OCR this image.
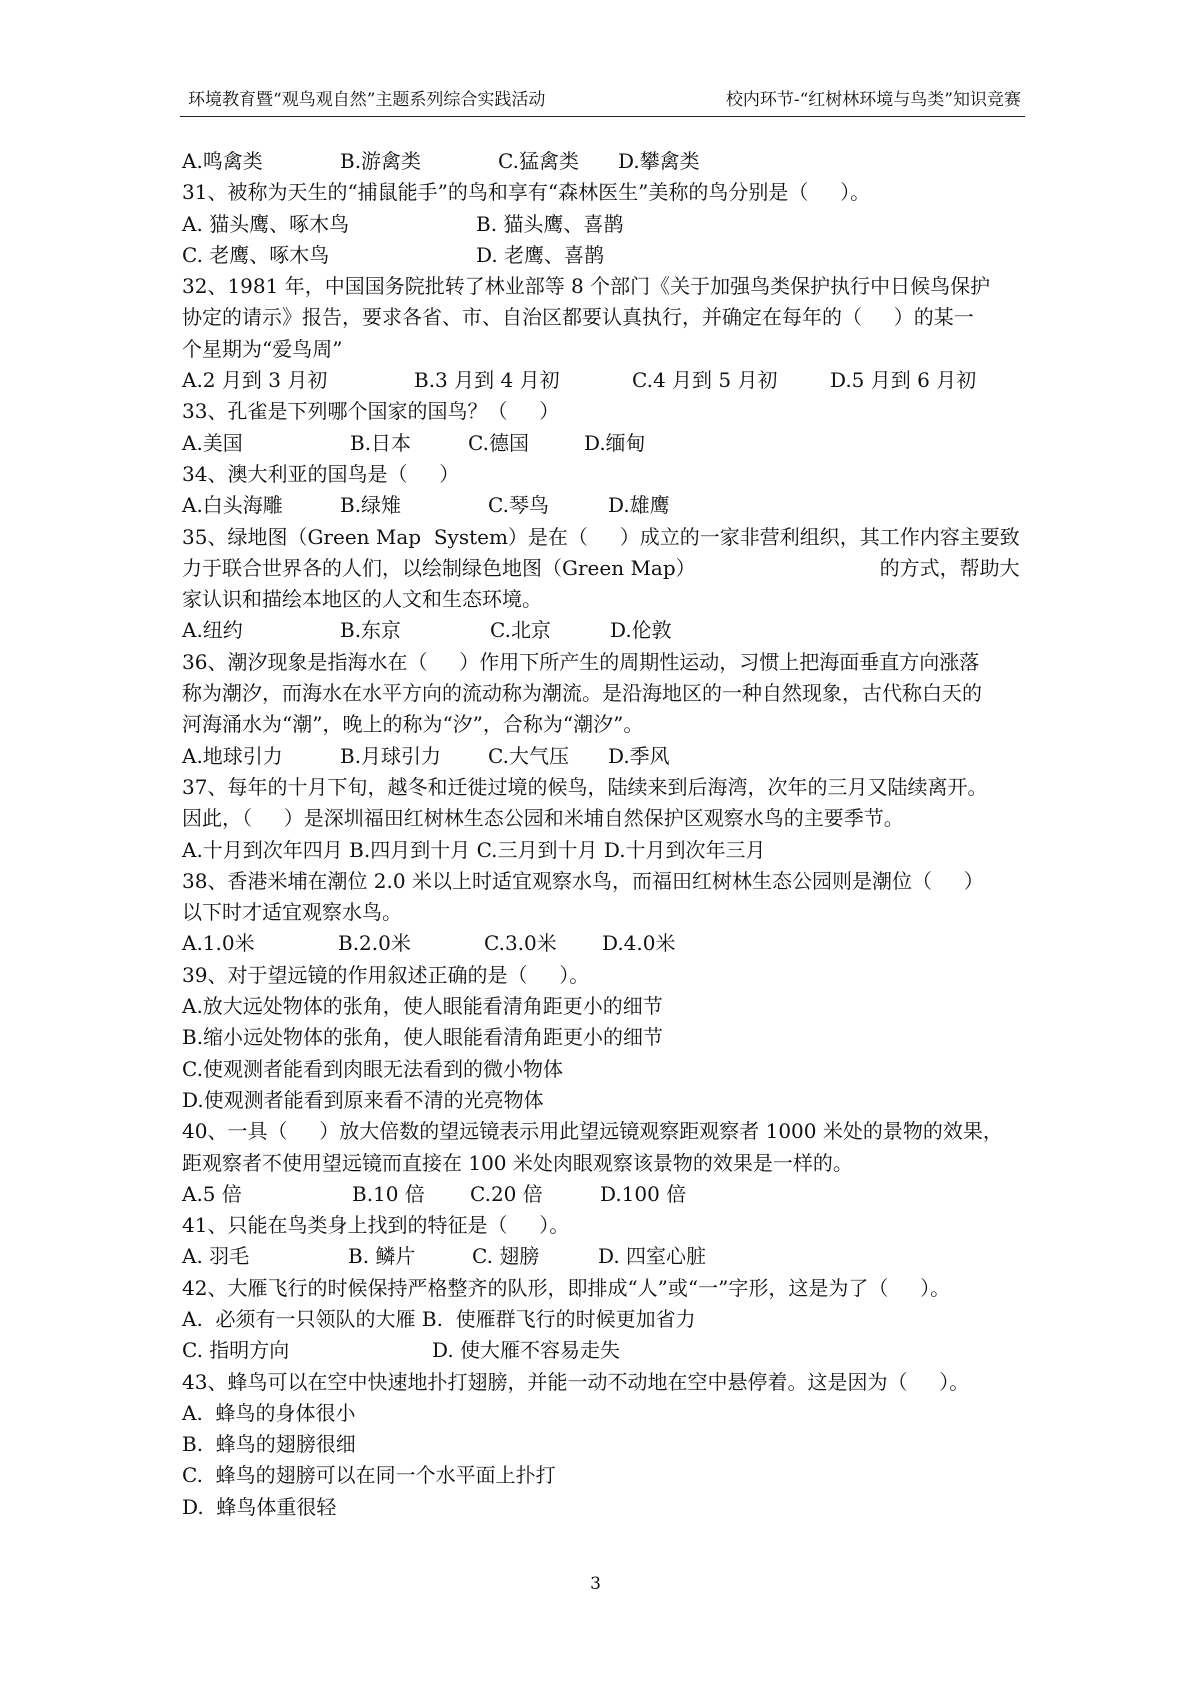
环境教育暨“观鸟观自然”主题系列综合实践活动	校内环节-“红树林环境与鸟类”知识竞赛
A.鸣禽类	B.游禽类	C.猛禽类	D.攀禽类
31、被称为天生的“捕鼠能手”的鸟和享有“森林医生”美称的鸟分别是（     ）。
A. 猫头鹰、啄木鸟	B. 猫头鹰、喜鹊
C. 老鹰、啄木鸟	D. 老鹰、喜鹊
32、1981 年，中国国务院批转了林业部等 8 个部门《关于加强鸟类保护执行中日候鸟保护
协定的请示》报告，要求各省、市、自治区都要认真执行，并确定在每年的（     ）的某一
个星期为“爱鸟周”
A.2 月到 3 月初	B.3 月到 4 月初	C.4 月到 5 月初	D.5 月到 6 月初
33、孔雀是下列哪个国家的国鸟？（     ）
A.美国	B.日本	C.德国	D.缅甸
34、澳大利亚的国鸟是（     ）
A.白头海雕	B.绿雉	C.琴鸟	D.雄鹰
35、绿地图（Green Map  System）是在（     ）成立的一家非营利组织，其工作内容主要致
力于联合世界各的人们，以绘制绿色地图（Green Map）	的方式，帮助大
家认识和描绘本地区的人文和生态环境。
A.纽约	B.东京	C.北京	D.伦敦
36、潮汐现象是指海水在（     ）作用下所产生的周期性运动，习惯上把海面垂直方向涨落
称为潮汐，而海水在水平方向的流动称为潮流。是沿海地区的一种自然现象，古代称白天的
河海涌水为“潮”，晚上的称为“汐”，合称为“潮汐”。
A.地球引力	B.月球引力	C.大气压	D.季风
37、每年的十月下旬，越冬和迁徙过境的候鸟，陆续来到后海湾，次年的三月又陆续离开。
因此，（     ）是深圳福田红树林生态公园和米埔自然保护区观察水鸟的主要季节。
A.十月到次年四月 B.四月到十月 C.三月到十月 D.十月到次年三月
38、香港米埔在潮位 2.0 米以上时适宜观察水鸟，而福田红树林生态公园则是潮位（     ）
以下时才适宜观察水鸟。
A.1.0米	B.2.0米	C.3.0米	D.4.0米
39、对于望远镜的作用叙述正确的是（     ）。
A.放大远处物体的张角，使人眼能看清角距更小的细节
B.缩小远处物体的张角，使人眼能看清角距更小的细节
C.使观测者能看到肉眼无法看到的微小物体
D.使观测者能看到原来看不清的光亮物体
40、一具（     ）放大倍数的望远镜表示用此望远镜观察距观察者 1000 米处的景物的效果，
距观察者不使用望远镜而直接在 100 米处肉眼观察该景物的效果是一样的。
A.5 倍	B.10 倍	C.20 倍	D.100 倍
41、只能在鸟类身上找到的特征是（     ）。
A. 羽毛	B. 鳞片	C. 翅膀	D. 四室心脏
42、大雁飞行的时候保持严格整齐的队形，即排成“人”或“一”字形，这是为了（     ）。
A.  必须有一只领队的大雁 B.  使雁群飞行的时候更加省力
C. 指明方向	D. 使大雁不容易走失
43、蜂鸟可以在空中快速地扑打翅膀，并能一动不动地在空中悬停着。这是因为（     ）。
A.  蜂鸟的身体很小
B.  蜂鸟的翅膀很细
C.  蜂鸟的翅膀可以在同一个水平面上扑打
D.  蜂鸟体重很轻
3
